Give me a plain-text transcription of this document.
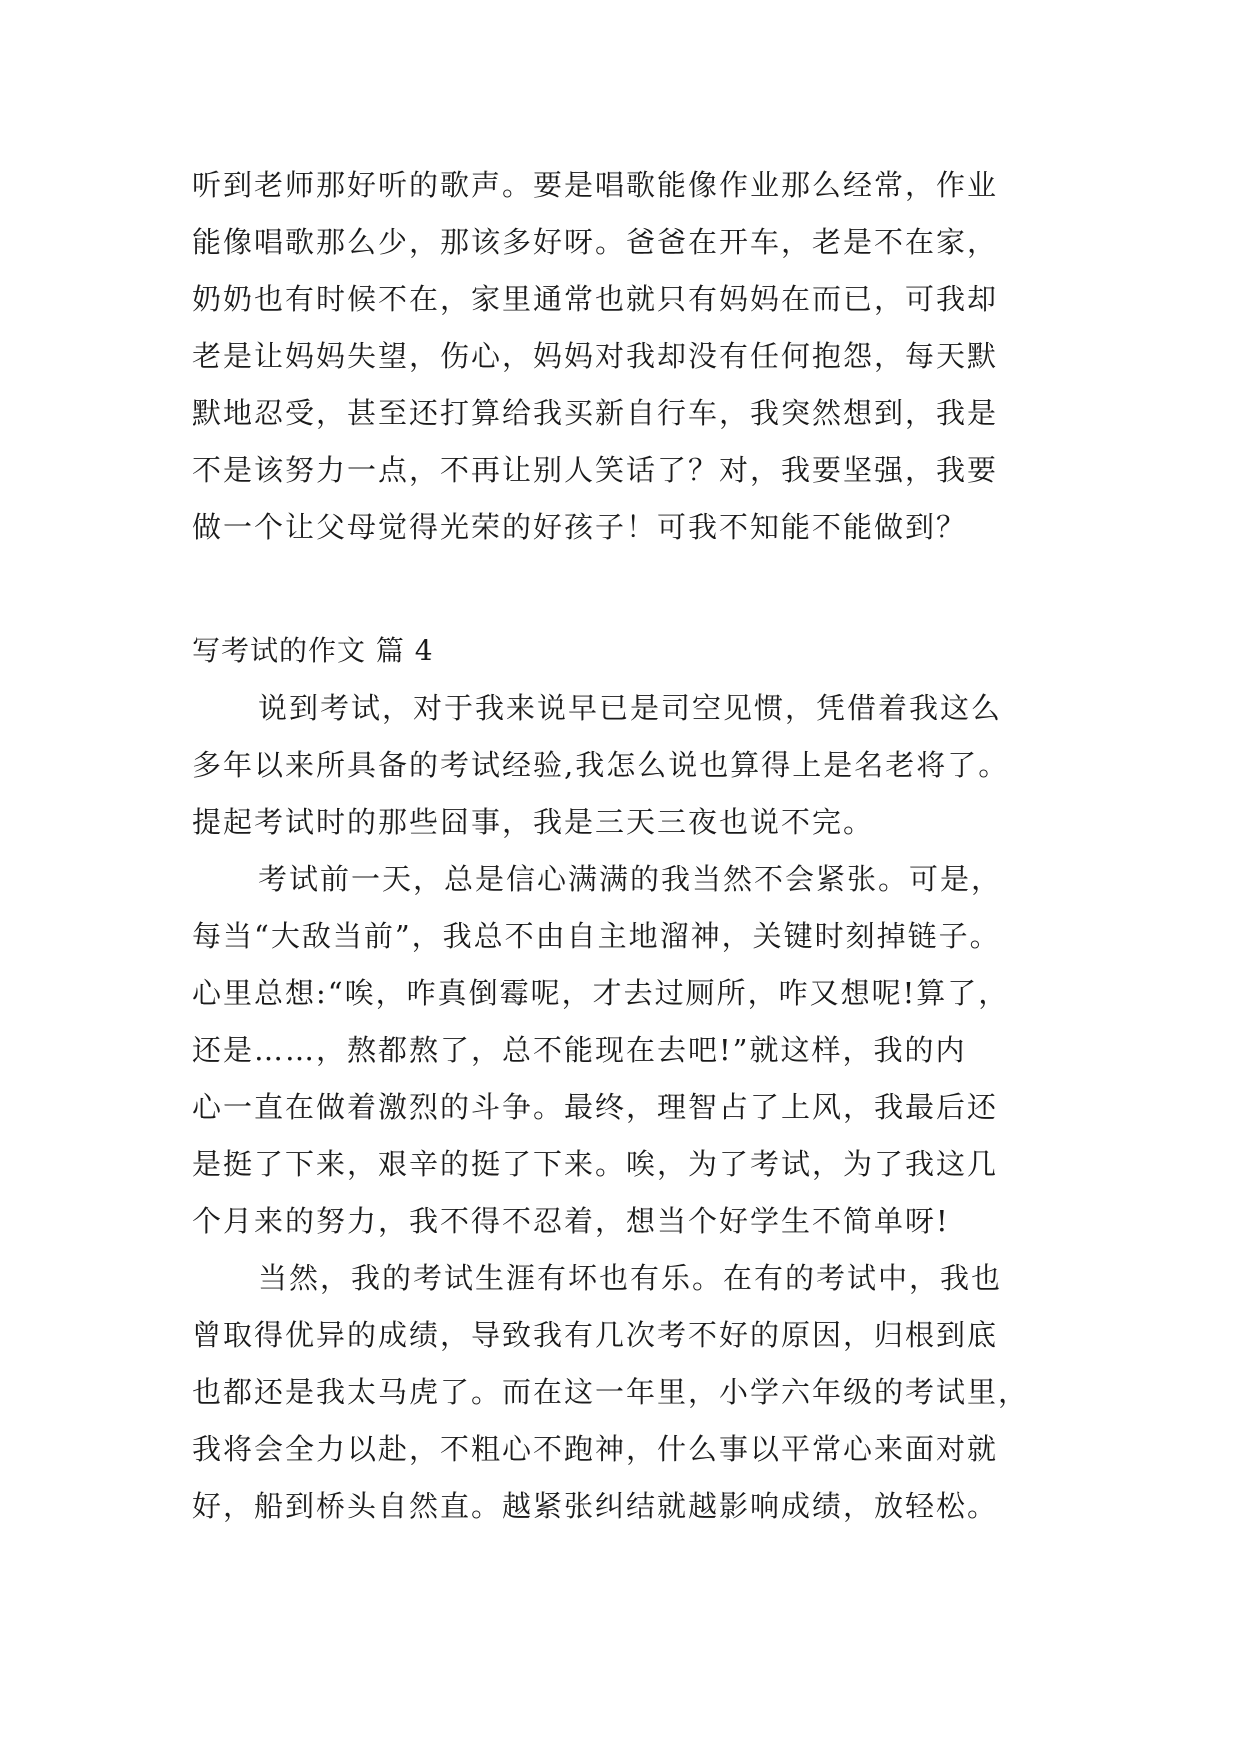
听到老师那好听的歌声。要是唱歌能像作业那么经常，作业
能像唱歌那么少，那该多好呀。爸爸在开车，老是不在家，
奶奶也有时候不在，家里通常也就只有妈妈在而已，可我却
老是让妈妈失望，伤心，妈妈对我却没有任何抱怨，每天默
默地忍受，甚至还打算给我买新自行车，我突然想到，我是
不是该努力一点，不再让别人笑话了？对，我要坚强，我要
做一个让父母觉得光荣的好孩子！可我不知能不能做到？
写考试的作文 篇 4
说到考试，对于我来说早已是司空见惯，凭借着我这么
多年以来所具备的考试经验,我怎么说也算得上是名老将了。
提起考试时的那些囧事，我是三天三夜也说不完。
考试前一天，总是信心满满的我当然不会紧张。可是，
每当“大敌当前”，我总不由自主地溜神，关键时刻掉链子。
心里总想:“唉，咋真倒霉呢，才去过厕所，咋又想呢!算了，
还是……，熬都熬了，总不能现在去吧!”就这样，我的内
心一直在做着激烈的斗争。最终，理智占了上风，我最后还
是挺了下来，艰辛的挺了下来。唉，为了考试，为了我这几
个月来的努力，我不得不忍着，想当个好学生不简单呀!
当然，我的考试生涯有坏也有乐。在有的考试中，我也
曾取得优异的成绩，导致我有几次考不好的原因，归根到底
也都还是我太马虎了。而在这一年里，小学六年级的考试里，
我将会全力以赴，不粗心不跑神，什么事以平常心来面对就
好，船到桥头自然直。越紧张纠结就越影响成绩，放轻松。
